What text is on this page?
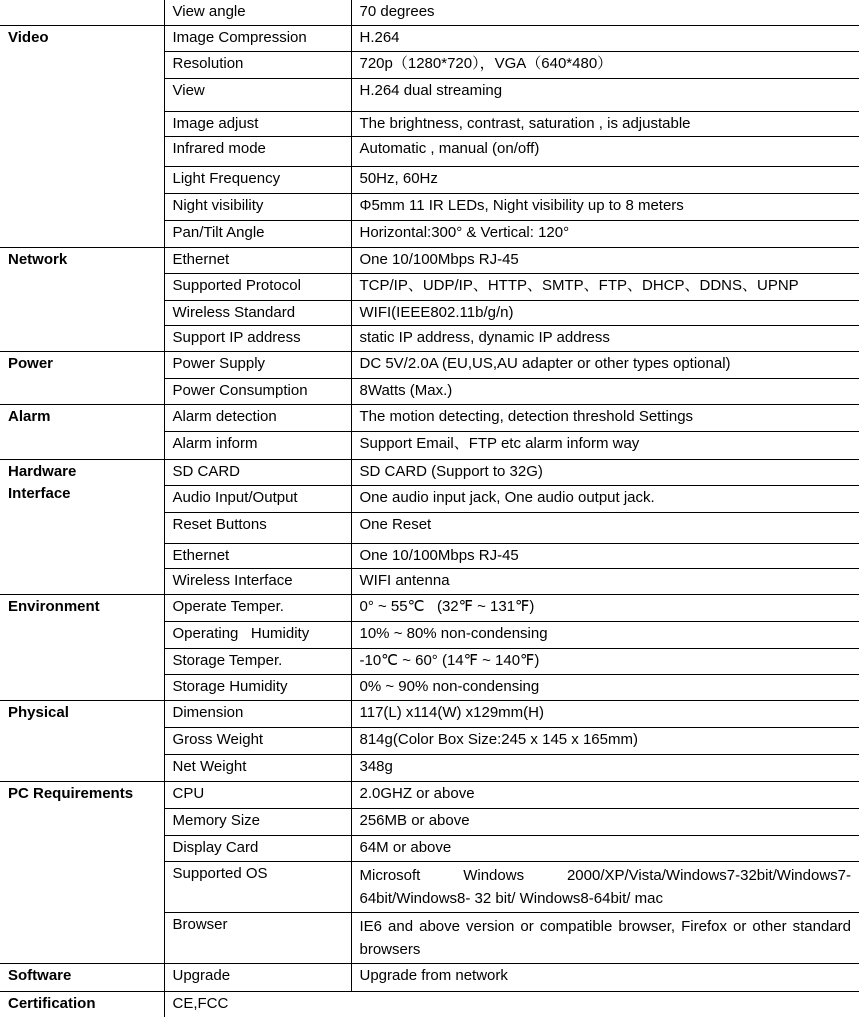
	View angle	70 degrees
Video	Image Compression	H.264
	Resolution	720p（1280*720），VGA（640*480）
	View	H.264 dual streaming
	Image adjust	The brightness, contrast, saturation , is adjustable
	Infrared mode	Automatic , manual (on/off)
	Light Frequency	50Hz, 60Hz
	Night visibility	Φ5mm 11 IR LEDs, Night visibility up to 8 meters
	Pan/Tilt Angle	Horizontal:300° & Vertical: 120°
Network	Ethernet	One 10/100Mbps RJ-45
	Supported Protocol	TCP/IP、UDP/IP、HTTP、SMTP、FTP、DHCP、DDNS、UPNP
	Wireless Standard	WIFI(IEEE802.11b/g/n)
	Support IP address	static IP address, dynamic IP address
Power	Power Supply	DC 5V/2.0A (EU,US,AU adapter or other types optional)
	Power Consumption	8Watts (Max.)
Alarm	Alarm detection	The motion detecting, detection threshold Settings
	Alarm inform	Support Email、FTP etc alarm inform way

Hardware
Interface	SD CARD	SD CARD (Support to 32G)
	Audio Input/Output	One audio input jack, One audio output jack.
	Reset Buttons	One Reset
	Ethernet	One 10/100Mbps RJ-45
	Wireless Interface	WIFI antenna
Environment	Operate Temper.	0° ~ 55℃   (32℉ ~ 131℉)
	Operating   Humidity	10% ~ 80% non-condensing
	Storage Temper.	-10℃ ~ 60° (14℉ ~ 140℉)
	Storage Humidity	0% ~ 90% non-condensing
Physical	Dimension	117(L) x114(W) x129mm(H)
	Gross Weight	814g(Color Box Size:245 x 145 x 165mm)
	Net Weight	348g
PC Requirements	CPU	2.0GHZ or above
	Memory Size	256MB or above
	Display Card	64M or above
	Supported OS	Microsoft Windows 2000/XP/Vista/Windows7-32bit/Windows7-64bit/Windows8- 32 bit/ Windows8-64bit/ mac
	Browser	IE6 and above version or compatible browser, Firefox or other standard browsers
Software	Upgrade	Upgrade from network
Certification	CE,FCC	
